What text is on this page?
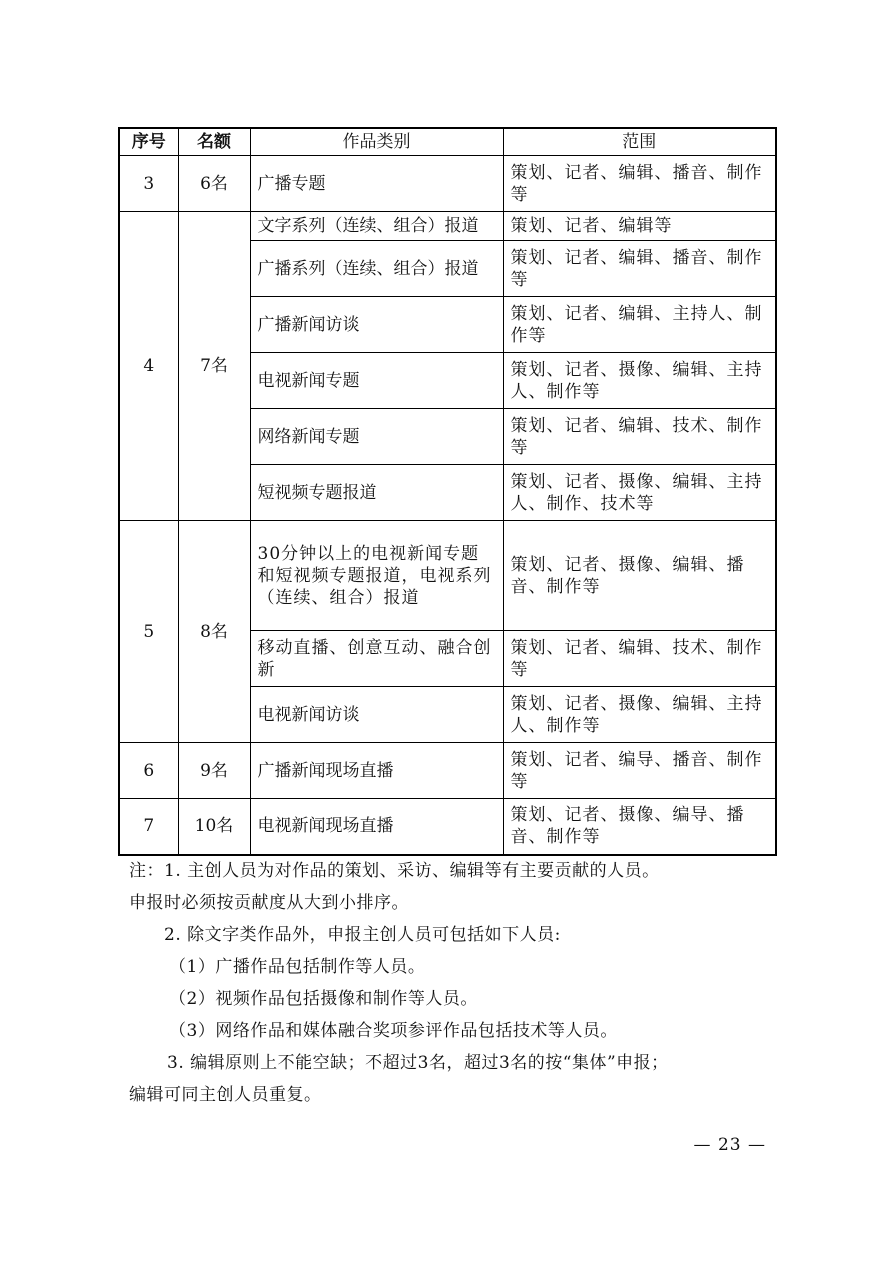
序号	名额	作品类别	范围
3	6名	广播专题	策划、记者、编辑、播音、制作等
4	7名	文字系列（连续、组合）报道	策划、记者、编辑等
		广播系列（连续、组合）报道	策划、记者、编辑、播音、制作等
		广播新闻访谈	策划、记者、编辑、主持人、制作等
		电视新闻专题	策划、记者、摄像、编辑、主持人、制作等
		网络新闻专题	策划、记者、编辑、技术、制作等
		短视频专题报道	策划、记者、摄像、编辑、主持人、制作、技术等
5	8名	30分钟以上的电视新闻专题和短视频专题报道，电视系列（连续、组合）报道	策划、记者、摄像、编辑、播音、制作等
		移动直播、创意互动、融合创新	策划、记者、编辑、技术、制作等
		电视新闻访谈	策划、记者、摄像、编辑、主持人、制作等
6	9名	广播新闻现场直播	策划、记者、编导、播音、制作等
7	10名	电视新闻现场直播	策划、记者、摄像、编导、播音、制作等

注：1. 主创人员为对作品的策划、采访、编辑等有主要贡献的人员。

申报时必须按贡献度从大到小排序。

2. 除文字类作品外，申报主创人员可包括如下人员:

（1）广播作品包括制作等人员。

（2）视频作品包括摄像和制作等人员。

（3）网络作品和媒体融合奖项参评作品包括技术等人员。

3. 编辑原则上不能空缺；不超过3名，超过3名的按“集体”申报；

编辑可同主创人员重复。

— 23 —
